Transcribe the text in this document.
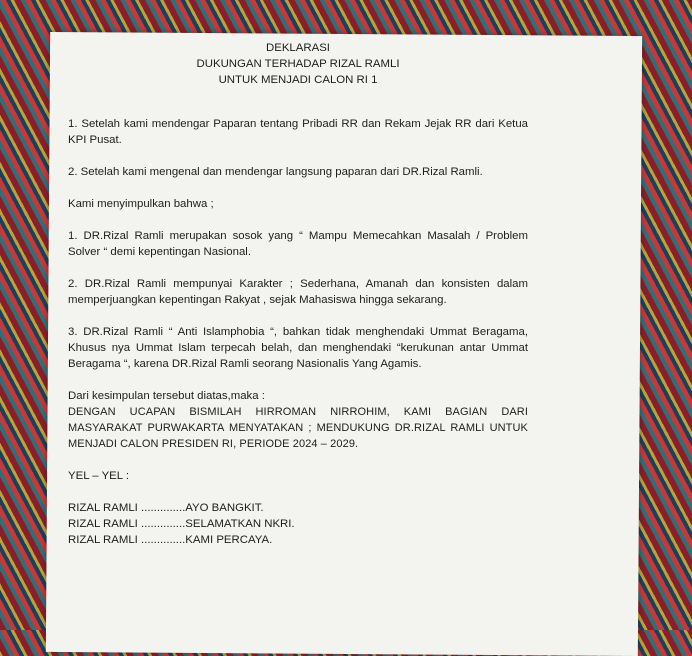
DEKLARASI
DUKUNGAN TERHADAP RIZAL RAMLI
UNTUK MENJADI CALON RI 1

1. Setelah kami mendengar Paparan tentang Pribadi RR dan Rekam Jejak RR dari Ketua KPI Pusat.

2. Setelah kami mengenal dan mendengar langsung paparan dari DR.Rizal Ramli.

Kami menyimpulkan bahwa ;

1. DR.Rizal Ramli merupakan sosok yang “ Mampu Memecahkan Masalah / Problem Solver “ demi kepentingan Nasional.

2. DR.Rizal Ramli mempunyai Karakter ; Sederhana, Amanah dan konsisten dalam memperjuangkan kepentingan Rakyat , sejak Mahasiswa hingga sekarang.

3. DR.Rizal Ramli “ Anti Islamphobia “, bahkan tidak menghendaki Ummat Beragama, Khusus nya Ummat Islam terpecah belah, dan menghendaki “kerukunan antar Ummat Beragama “, karena DR.Rizal Ramli seorang Nasionalis Yang Agamis.

Dari kesimpulan tersebut diatas,maka :

DENGAN UCAPAN BISMILAH HIRROMAN NIRROHIM, KAMI BAGIAN DARI MASYARAKAT PURWAKARTA MENYATAKAN ; MENDUKUNG DR.RIZAL RAMLI UNTUK MENJADI CALON PRESIDEN RI, PERIODE 2024 – 2029.

YEL – YEL :

RIZAL RAMLI ..............AYO BANGKIT.
RIZAL RAMLI ..............SELAMATKAN NKRI.
RIZAL RAMLI ..............KAMI PERCAYA.
